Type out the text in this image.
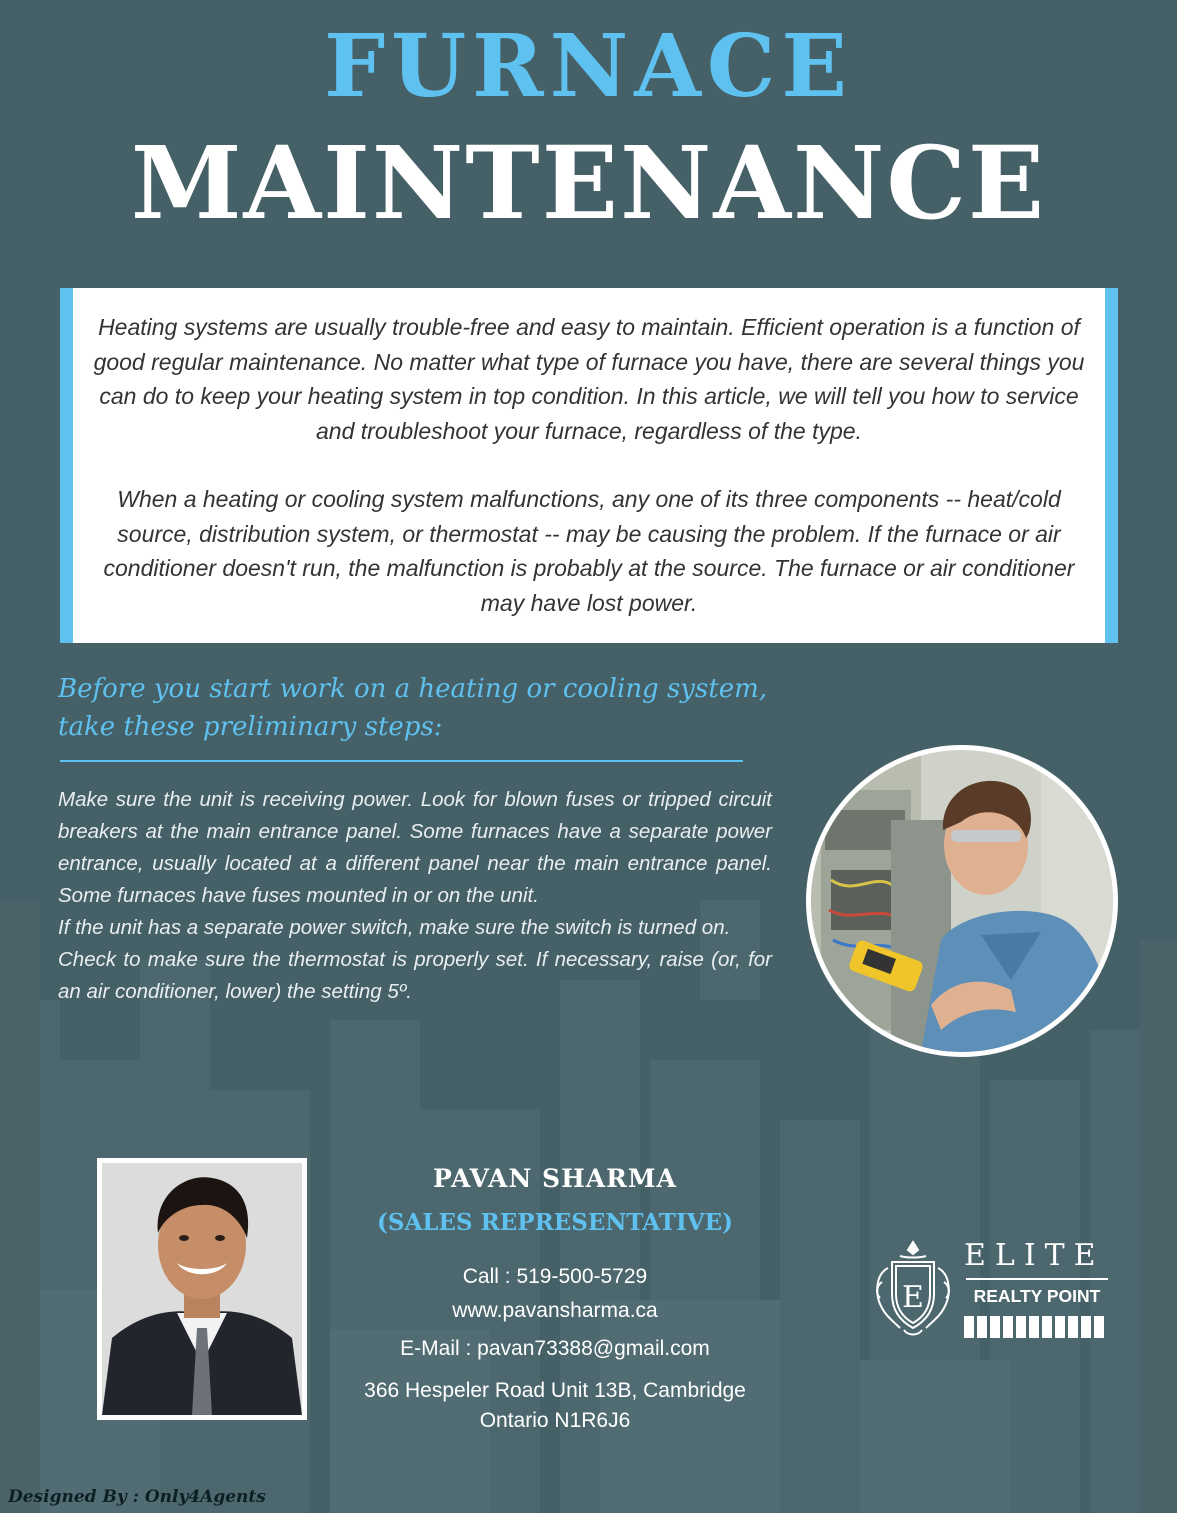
FURNACE
MAINTENANCE

Heating systems are usually trouble-free and easy to maintain. Efficient operation is a function of good regular maintenance. No matter what type of furnace you have, there are several things you can do to keep your heating system in top condition. In this article, we will tell you how to service and troubleshoot your furnace, regardless of the type.

When a heating or cooling system malfunctions, any one of its three components -- heat/cold source, distribution system, or thermostat -- may be causing the problem. If the furnace or air conditioner doesn't run, the malfunction is probably at the source. The furnace or air conditioner may have lost power.

Before you start work on a heating or cooling system,
take these preliminary steps:

Make sure the unit is receiving power. Look for blown fuses or tripped circuit breakers at the main entrance panel. Some furnaces have a separate power entrance, usually located at a different panel near the main entrance panel. Some furnaces have fuses mounted in or on the unit.

If the unit has a separate power switch, make sure the switch is turned on.

Check to make sure the thermostat is properly set. If necessary, raise (or, for an air conditioner, lower) the setting 5º.

PAVAN SHARMA

(SALES REPRESENTATIVE)

Call : 519-500-5729

www.pavansharma.ca

E-Mail : pavan73388@gmail.com

366 Hespeler Road Unit 13B, Cambridge
Ontario N1R6J6

E
ELITE
REALTY POINT

Designed By : Only4Agents
